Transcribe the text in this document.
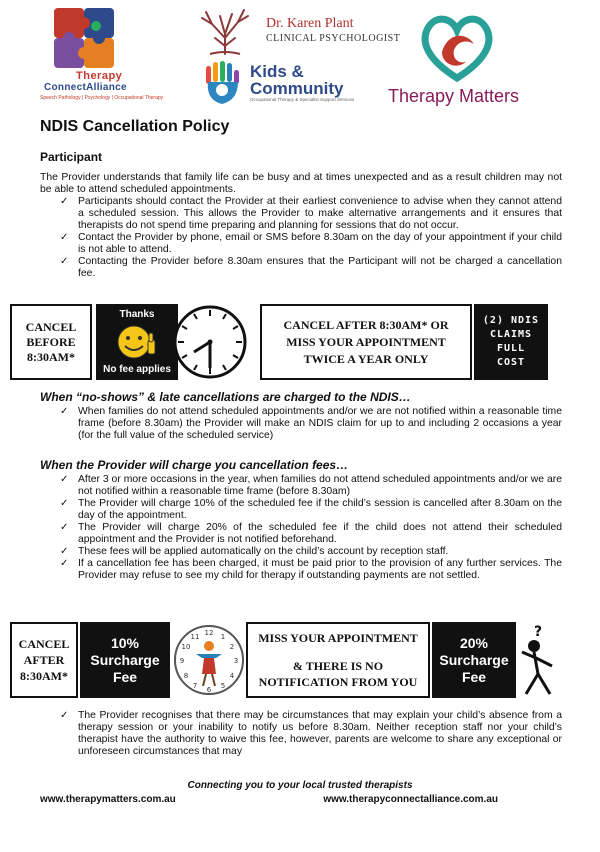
Therapy
ConnectAlliance
Speech Pathology | Psychology | Occupational Therapy
Dr. Karen Plant
CLINICAL PSYCHOLOGIST
Kids &
Community
Occupational Therapy & Specialist Support Services Therapy Matters
NDIS Cancellation Policy
Participant
The Provider understands that family life can be busy and at times unexpected and as a result children may not be able to attend scheduled appointments.
✓ Participants should contact the Provider at their earliest convenience to advise when they cannot attend a scheduled session. This allows the Provider to make alternative arrangements and it ensures that therapists do not spend time preparing and planning for sessions that do not occur.
✓ Contact the Provider by phone, email or SMS before 8.30am on the day of your appointment if your child is not able to attend.
✓ Contacting the Provider before 8.30am ensures that the Participant will not be charged a cancellation fee.
CANCEL BEFORE 8:30AM*
Thanks
No fee applies
CANCEL AFTER 8:30AM* OR MISS YOUR APPOINTMENT TWICE A YEAR ONLY
(2) NDIS CLAIMS FULL COST
When “no-shows” & late cancellations are charged to the NDIS…
✓ When families do not attend scheduled appointments and/or we are not notified within a reasonable time frame (before 8.30am) the Provider will make an NDIS claim for up to and including 2 occasions a year (for the full value of the scheduled service)
When the Provider will charge you cancellation fees…
✓ After 3 or more occasions in the year, when families do not attend scheduled appointments and/or we are not notified within a reasonable time frame (before 8.30am)
✓ The Provider will charge 10% of the scheduled fee if the child’s session is cancelled after 8.30am on the day of the appointment.
✓ The Provider will charge 20% of the scheduled fee if the child does not attend their scheduled appointment and the Provider is not notified beforehand.
✓ These fees will be applied automatically on the child’s account by reception staff.
✓ If a cancellation fee has been charged, it must be paid prior to the provision of any further services. The Provider may refuse to see my child for therapy if outstanding payments are not settled.
CANCEL AFTER 8:30AM*
10% Surcharge Fee
12
3
6
9
1
2
4
5
7
8
10
11	MISS YOUR APPOINTMENT
& THERE IS NO NOTIFICATION FROM YOU
20% Surcharge Fee
?
✓ The Provider recognises that there may be circumstances that may explain your child’s absence from a therapy session or your inability to notify us before 8.30am. Neither reception staff nor your child’s therapist have the authority to waive this fee, however, parents are welcome to share any exceptional or unforeseen circumstances that may
Connecting you to your local trusted therapists
www.therapymatters.com.au	www.therapyconnectalliance.com.au
